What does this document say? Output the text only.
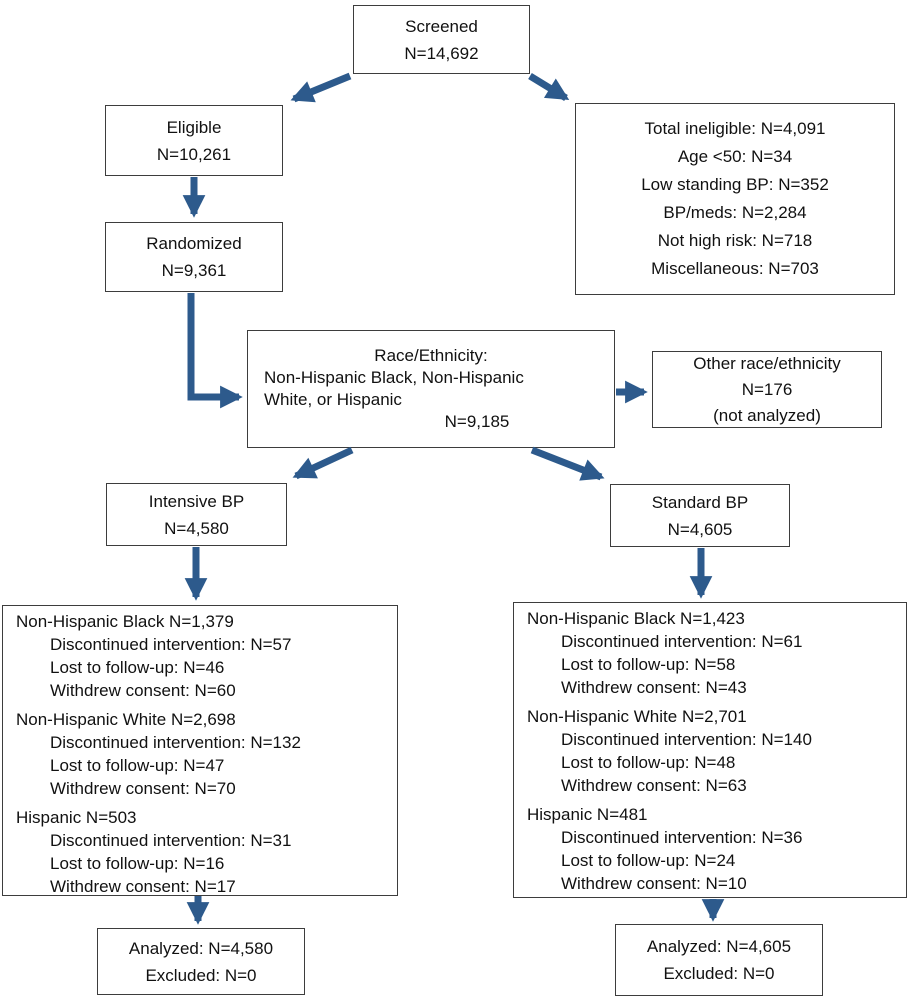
Screened
N=14,692
Eligible
N=10,261
Total ineligible: N=4,091
Age <50: N=34
Low standing BP: N=352
BP/meds: N=2,284
Not high risk: N=718
Miscellaneous: N=703
Randomized
N=9,361
Race/Ethnicity:
Non-Hispanic Black, Non-Hispanic
White, or Hispanic
N=9,185
Other race/ethnicity
N=176
(not analyzed)
Intensive BP
N=4,580
Standard BP
N=4,605
Non-Hispanic Black N=1,379
Discontinued intervention: N=57
Lost to follow-up: N=46
Withdrew consent: N=60
Non-Hispanic White N=2,698
Discontinued intervention: N=132
Lost to follow-up: N=47
Withdrew consent: N=70
Hispanic N=503
Discontinued intervention: N=31
Lost to follow-up: N=16
Withdrew consent: N=17
Non-Hispanic Black N=1,423
Discontinued intervention: N=61
Lost to follow-up: N=58
Withdrew consent: N=43
Non-Hispanic White N=2,701
Discontinued intervention: N=140
Lost to follow-up: N=48
Withdrew consent: N=63
Hispanic N=481
Discontinued intervention: N=36
Lost to follow-up: N=24
Withdrew consent: N=10
Analyzed: N=4,580
Excluded: N=0
Analyzed: N=4,605
Excluded: N=0
